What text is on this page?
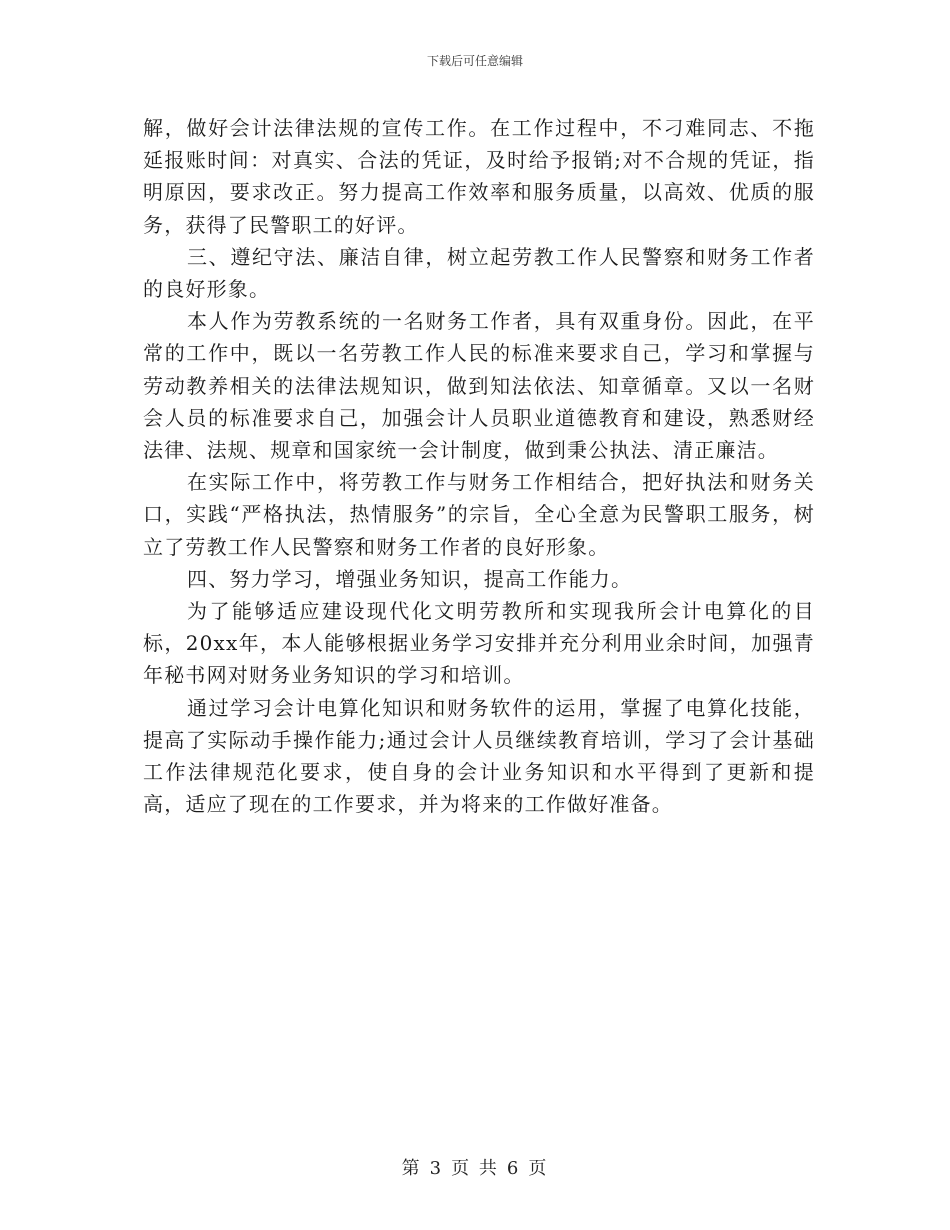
下载后可任意编辑

解，做好会计法律法规的宣传工作。在工作过程中，不刁难同志、不拖延报账时间：对真实、合法的凭证，及时给予报销;对不合规的凭证，指明原因，要求改正。努力提高工作效率和服务质量，以高效、优质的服务，获得了民警职工的好评。

三、遵纪守法、廉洁自律，树立起劳教工作人民警察和财务工作者的良好形象。

本人作为劳教系统的一名财务工作者，具有双重身份。因此，在平常的工作中，既以一名劳教工作人民的标准来要求自己，学习和掌握与劳动教养相关的法律法规知识，做到知法依法、知章循章。又以一名财会人员的标准要求自己，加强会计人员职业道德教育和建设，熟悉财经法律、法规、规章和国家统一会计制度，做到秉公执法、清正廉洁。

在实际工作中，将劳教工作与财务工作相结合，把好执法和财务关口，实践“严格执法，热情服务”的宗旨，全心全意为民警职工服务，树立了劳教工作人民警察和财务工作者的良好形象。

四、努力学习，增强业务知识，提高工作能力。

为了能够适应建设现代化文明劳教所和实现我所会计电算化的目标，20xx年，本人能够根据业务学习安排并充分利用业余时间，加强青年秘书网对财务业务知识的学习和培训。

通过学习会计电算化知识和财务软件的运用，掌握了电算化技能，提高了实际动手操作能力;通过会计人员继续教育培训，学习了会计基础工作法律规范化要求，使自身的会计业务知识和水平得到了更新和提高，适应了现在的工作要求，并为将来的工作做好准备。

第 3 页 共 6 页
